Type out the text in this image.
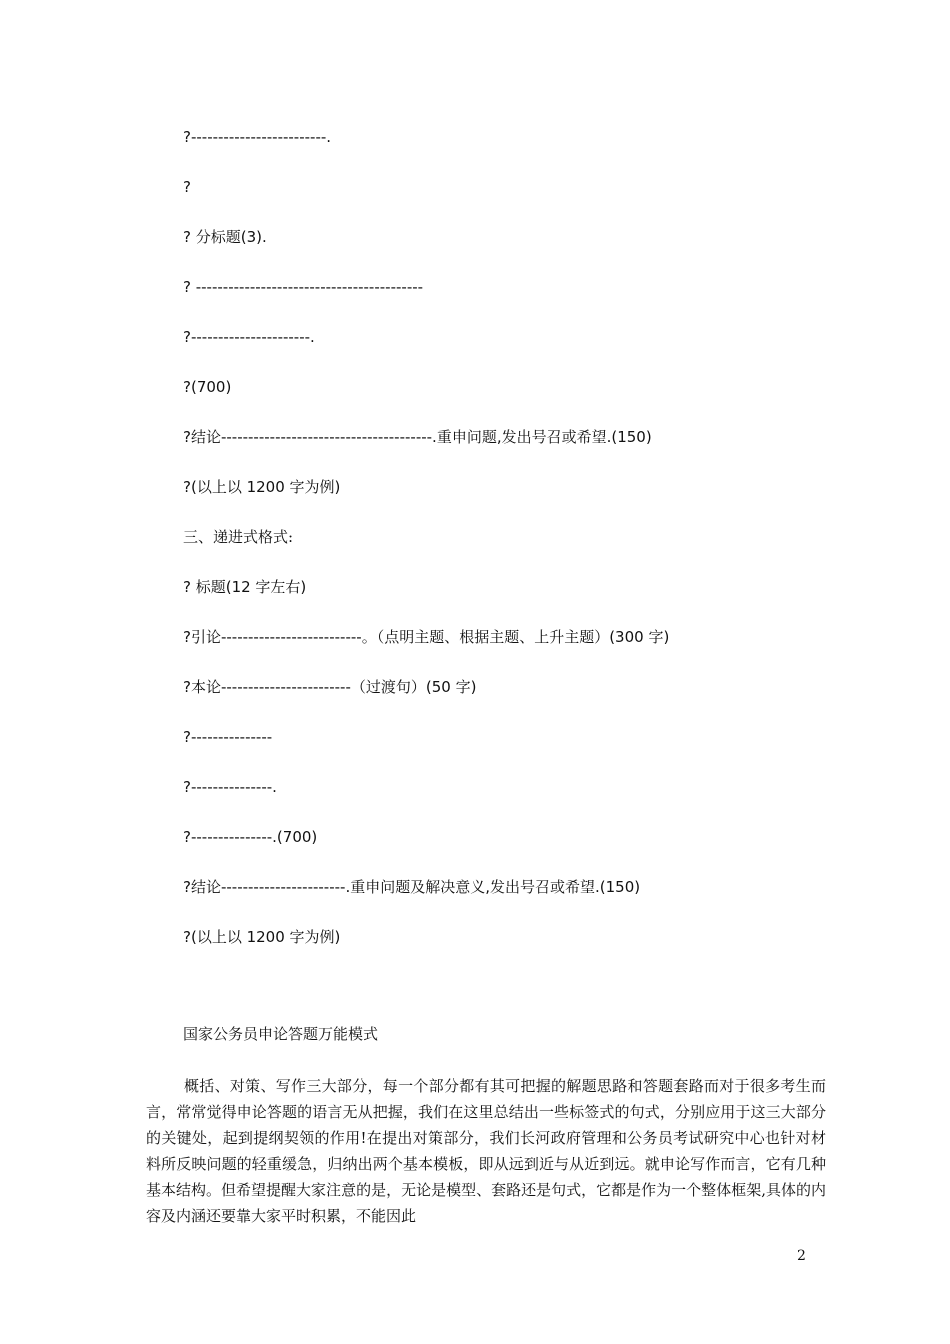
?-------------------------.
?
? 分标题(3).
? ------------------------------------------
?----------------------.
?(700)
?结论---------------------------------------.重申问题,发出号召或希望.(150)
?(以上以 1200 字为例)
三、递进式格式:
? 标题(12 字左右)
?引论--------------------------。（点明主题、根据主题、上升主题）(300 字)
?本论------------------------（过渡句）(50 字)
?---------------
?---------------.
?---------------.(700)
?结论-----------------------.重申问题及解决意义,发出号召或希望.(150)
?(以上以 1200 字为例)
国家公务员申论答题万能模式
概括、对策、写作三大部分，每一个部分都有其可把握的解题思路和答题套路而对于很多考生而言，常常觉得申论答题的语言无从把握，我们在这里总结出一些标签式的句式，分别应用于这三大部分的关键处，起到提纲契领的作用!在提出对策部分，我们长河政府管理和公务员考试研究中心也针对材料所反映问题的轻重缓急，归纳出两个基本模板，即从远到近与从近到远。就申论写作而言，它有几种基本结构。但希望提醒大家注意的是，无论是模型、套路还是句式，它都是作为一个整体框架,具体的内容及内涵还要靠大家平时积累，不能因此
2
